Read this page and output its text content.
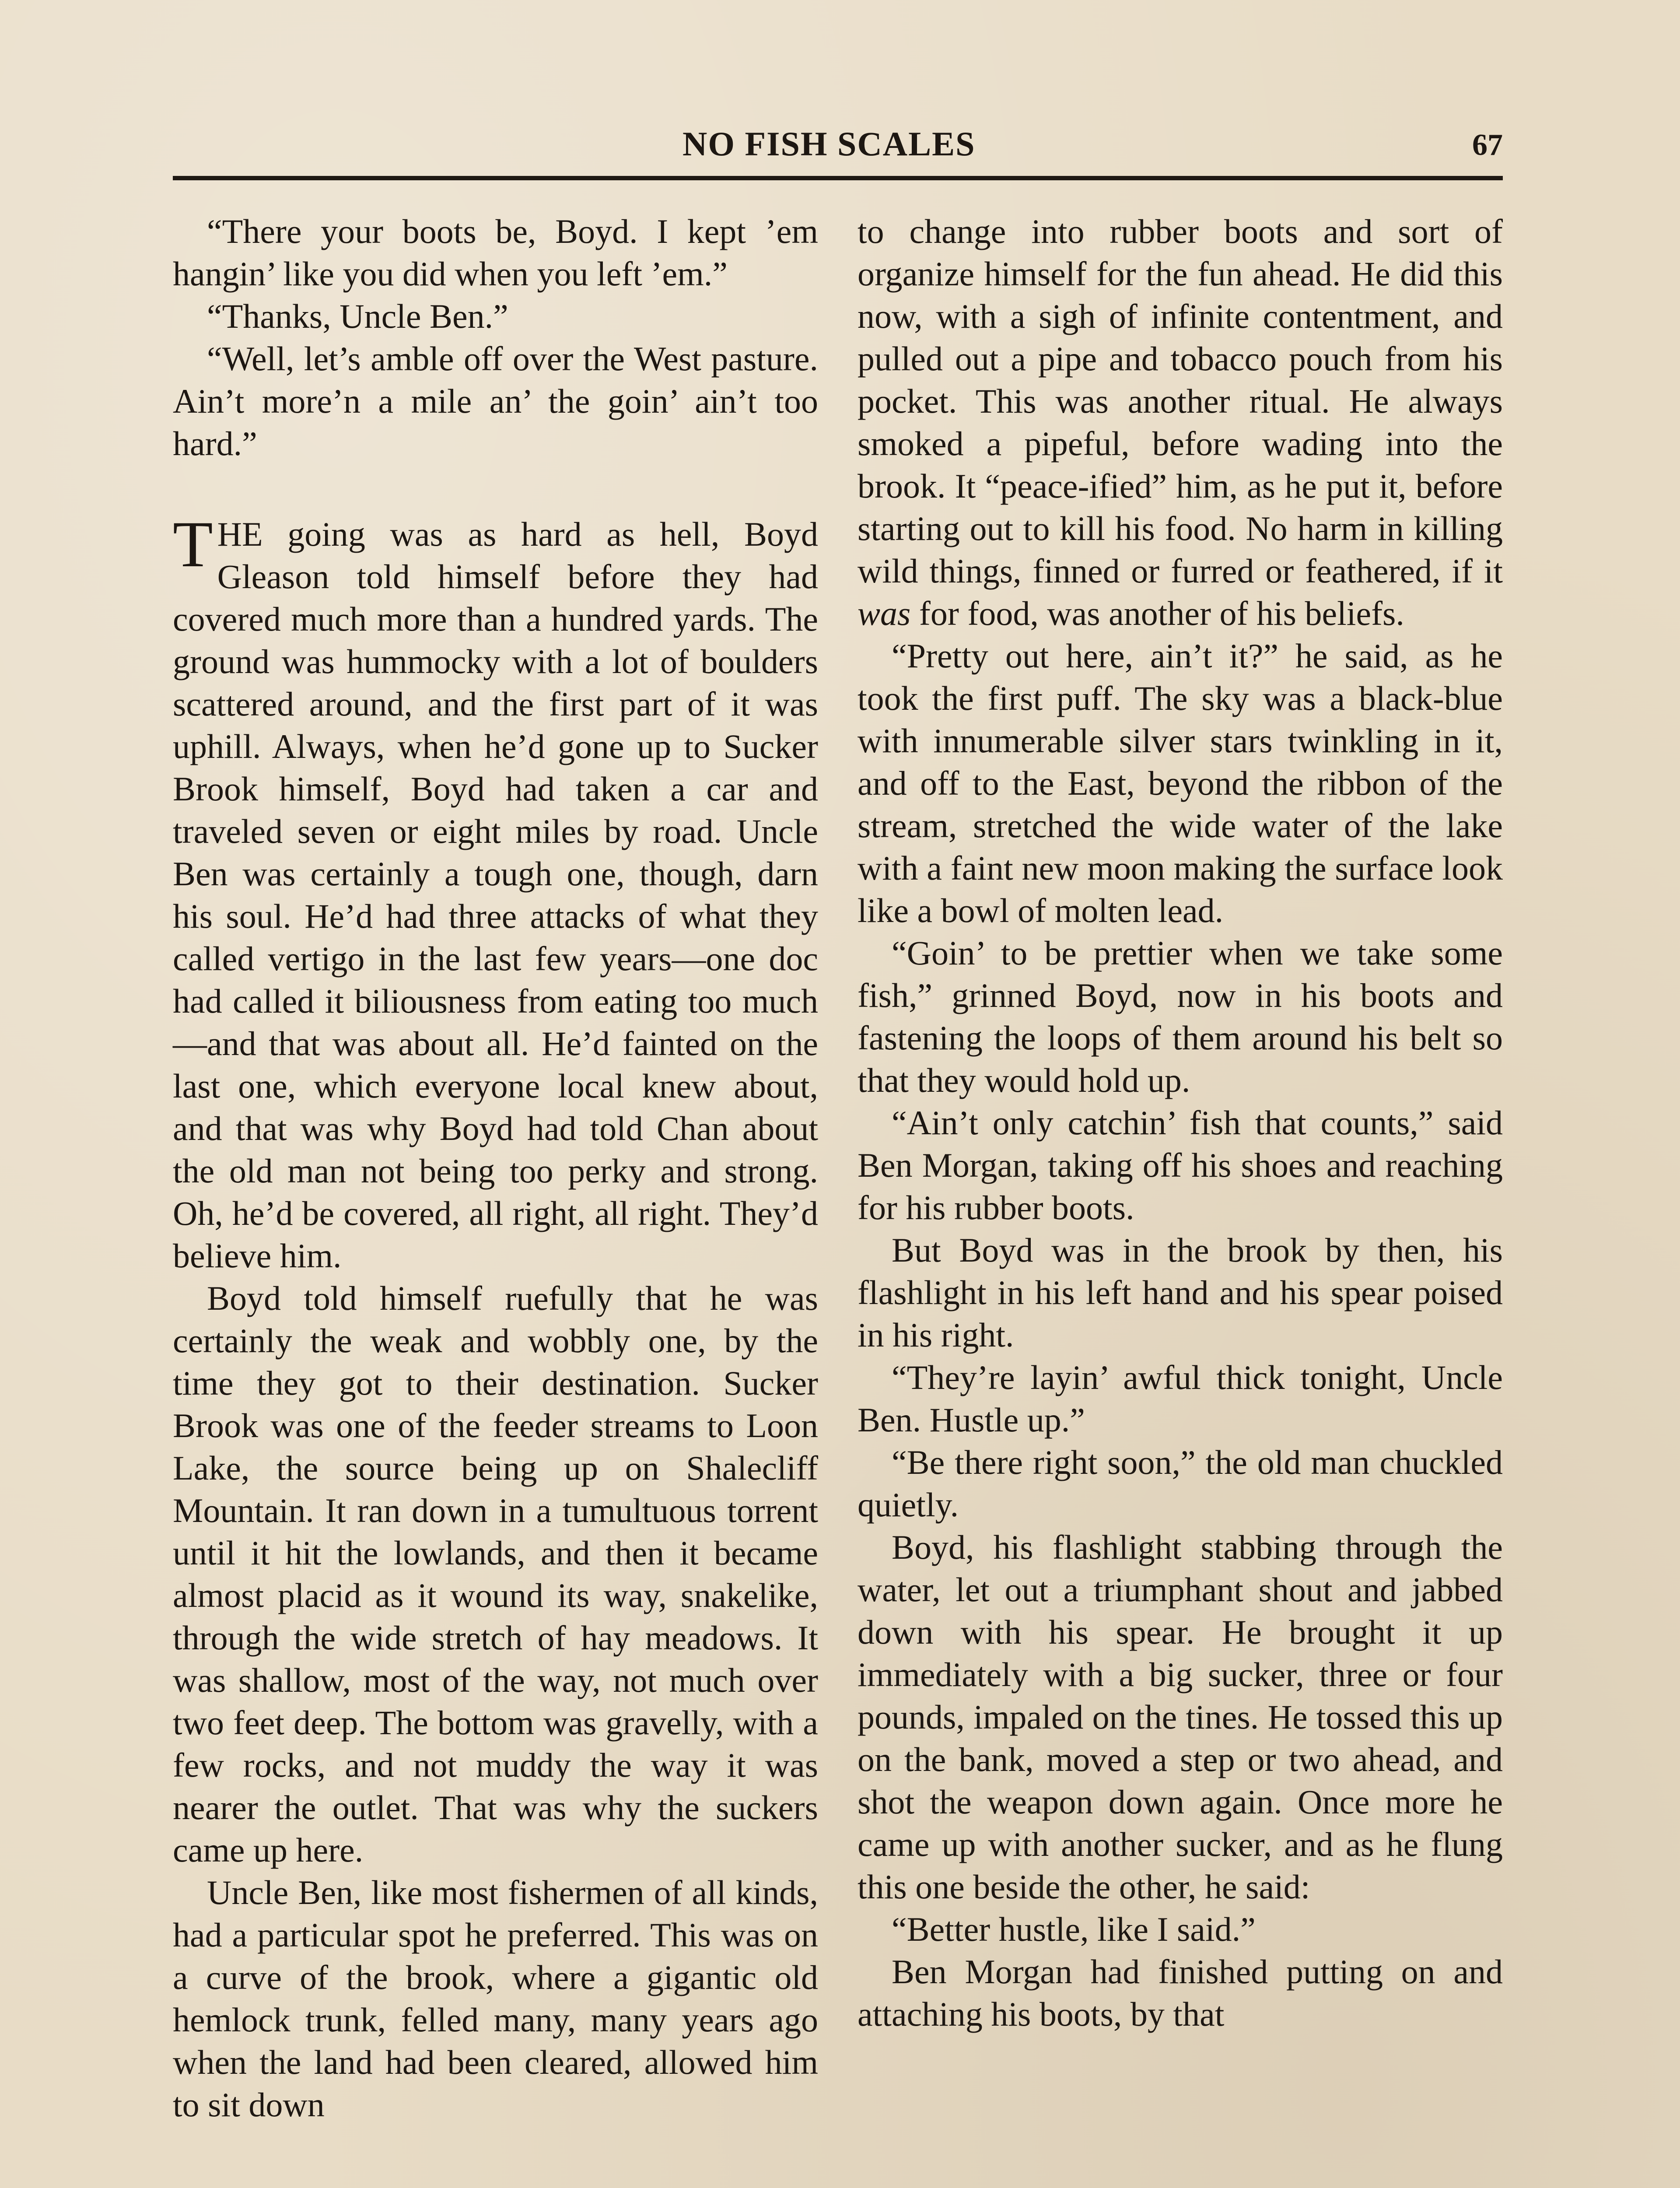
NO FISH SCALES	67

“There your boots be, Boyd. I kept ’em hangin’ like you did when you left ’em.”

“Thanks, Uncle Ben.”

“Well, let’s amble off over the West pasture. Ain’t more’n a mile an’ the goin’ ain’t too hard.”

THE going was as hard as hell, Boyd Gleason told himself before they had covered much more than a hundred yards. The ground was hummocky with a lot of boulders scattered around, and the first part of it was uphill. Always, when he’d gone up to Sucker Brook himself, Boyd had taken a car and traveled seven or eight miles by road. Uncle Ben was certainly a tough one, though, darn his soul. He’d had three attacks of what they called vertigo in the last few years—one doc had called it biliousness from eating too much—and that was about all. He’d fainted on the last one, which everyone local knew about, and that was why Boyd had told Chan about the old man not being too perky and strong. Oh, he’d be covered, all right, all right. They’d believe him.

Boyd told himself ruefully that he was certainly the weak and wobbly one, by the time they got to their destination. Sucker Brook was one of the feeder streams to Loon Lake, the source being up on Shalecliff Mountain. It ran down in a tumultuous torrent until it hit the lowlands, and then it became almost placid as it wound its way, snakelike, through the wide stretch of hay meadows. It was shallow, most of the way, not much over two feet deep. The bottom was gravelly, with a few rocks, and not muddy the way it was nearer the outlet. That was why the suckers came up here.

Uncle Ben, like most fishermen of all kinds, had a particular spot he preferred. This was on a curve of the brook, where a gigantic old hemlock trunk, felled many, many years ago when the land had been cleared, allowed him to sit down

to change into rubber boots and sort of organize himself for the fun ahead. He did this now, with a sigh of infinite contentment, and pulled out a pipe and tobacco pouch from his pocket. This was another ritual. He always smoked a pipeful, before wading into the brook. It “peace-ified” him, as he put it, before starting out to kill his food. No harm in killing wild things, finned or furred or feathered, if it was for food, was another of his beliefs.

“Pretty out here, ain’t it?” he said, as he took the first puff. The sky was a black-blue with innumerable silver stars twinkling in it, and off to the East, beyond the ribbon of the stream, stretched the wide water of the lake with a faint new moon making the surface look like a bowl of molten lead.

“Goin’ to be prettier when we take some fish,” grinned Boyd, now in his boots and fastening the loops of them around his belt so that they would hold up.

“Ain’t only catchin’ fish that counts,” said Ben Morgan, taking off his shoes and reaching for his rubber boots.

But Boyd was in the brook by then, his flashlight in his left hand and his spear poised in his right.

“They’re layin’ awful thick tonight, Uncle Ben. Hustle up.”

“Be there right soon,” the old man chuckled quietly.

Boyd, his flashlight stabbing through the water, let out a triumphant shout and jabbed down with his spear. He brought it up immediately with a big sucker, three or four pounds, impaled on the tines. He tossed this up on the bank, moved a step or two ahead, and shot the weapon down again. Once more he came up with another sucker, and as he flung this one beside the other, he said:

“Better hustle, like I said.”

Ben Morgan had finished putting on and attaching his boots, by that
